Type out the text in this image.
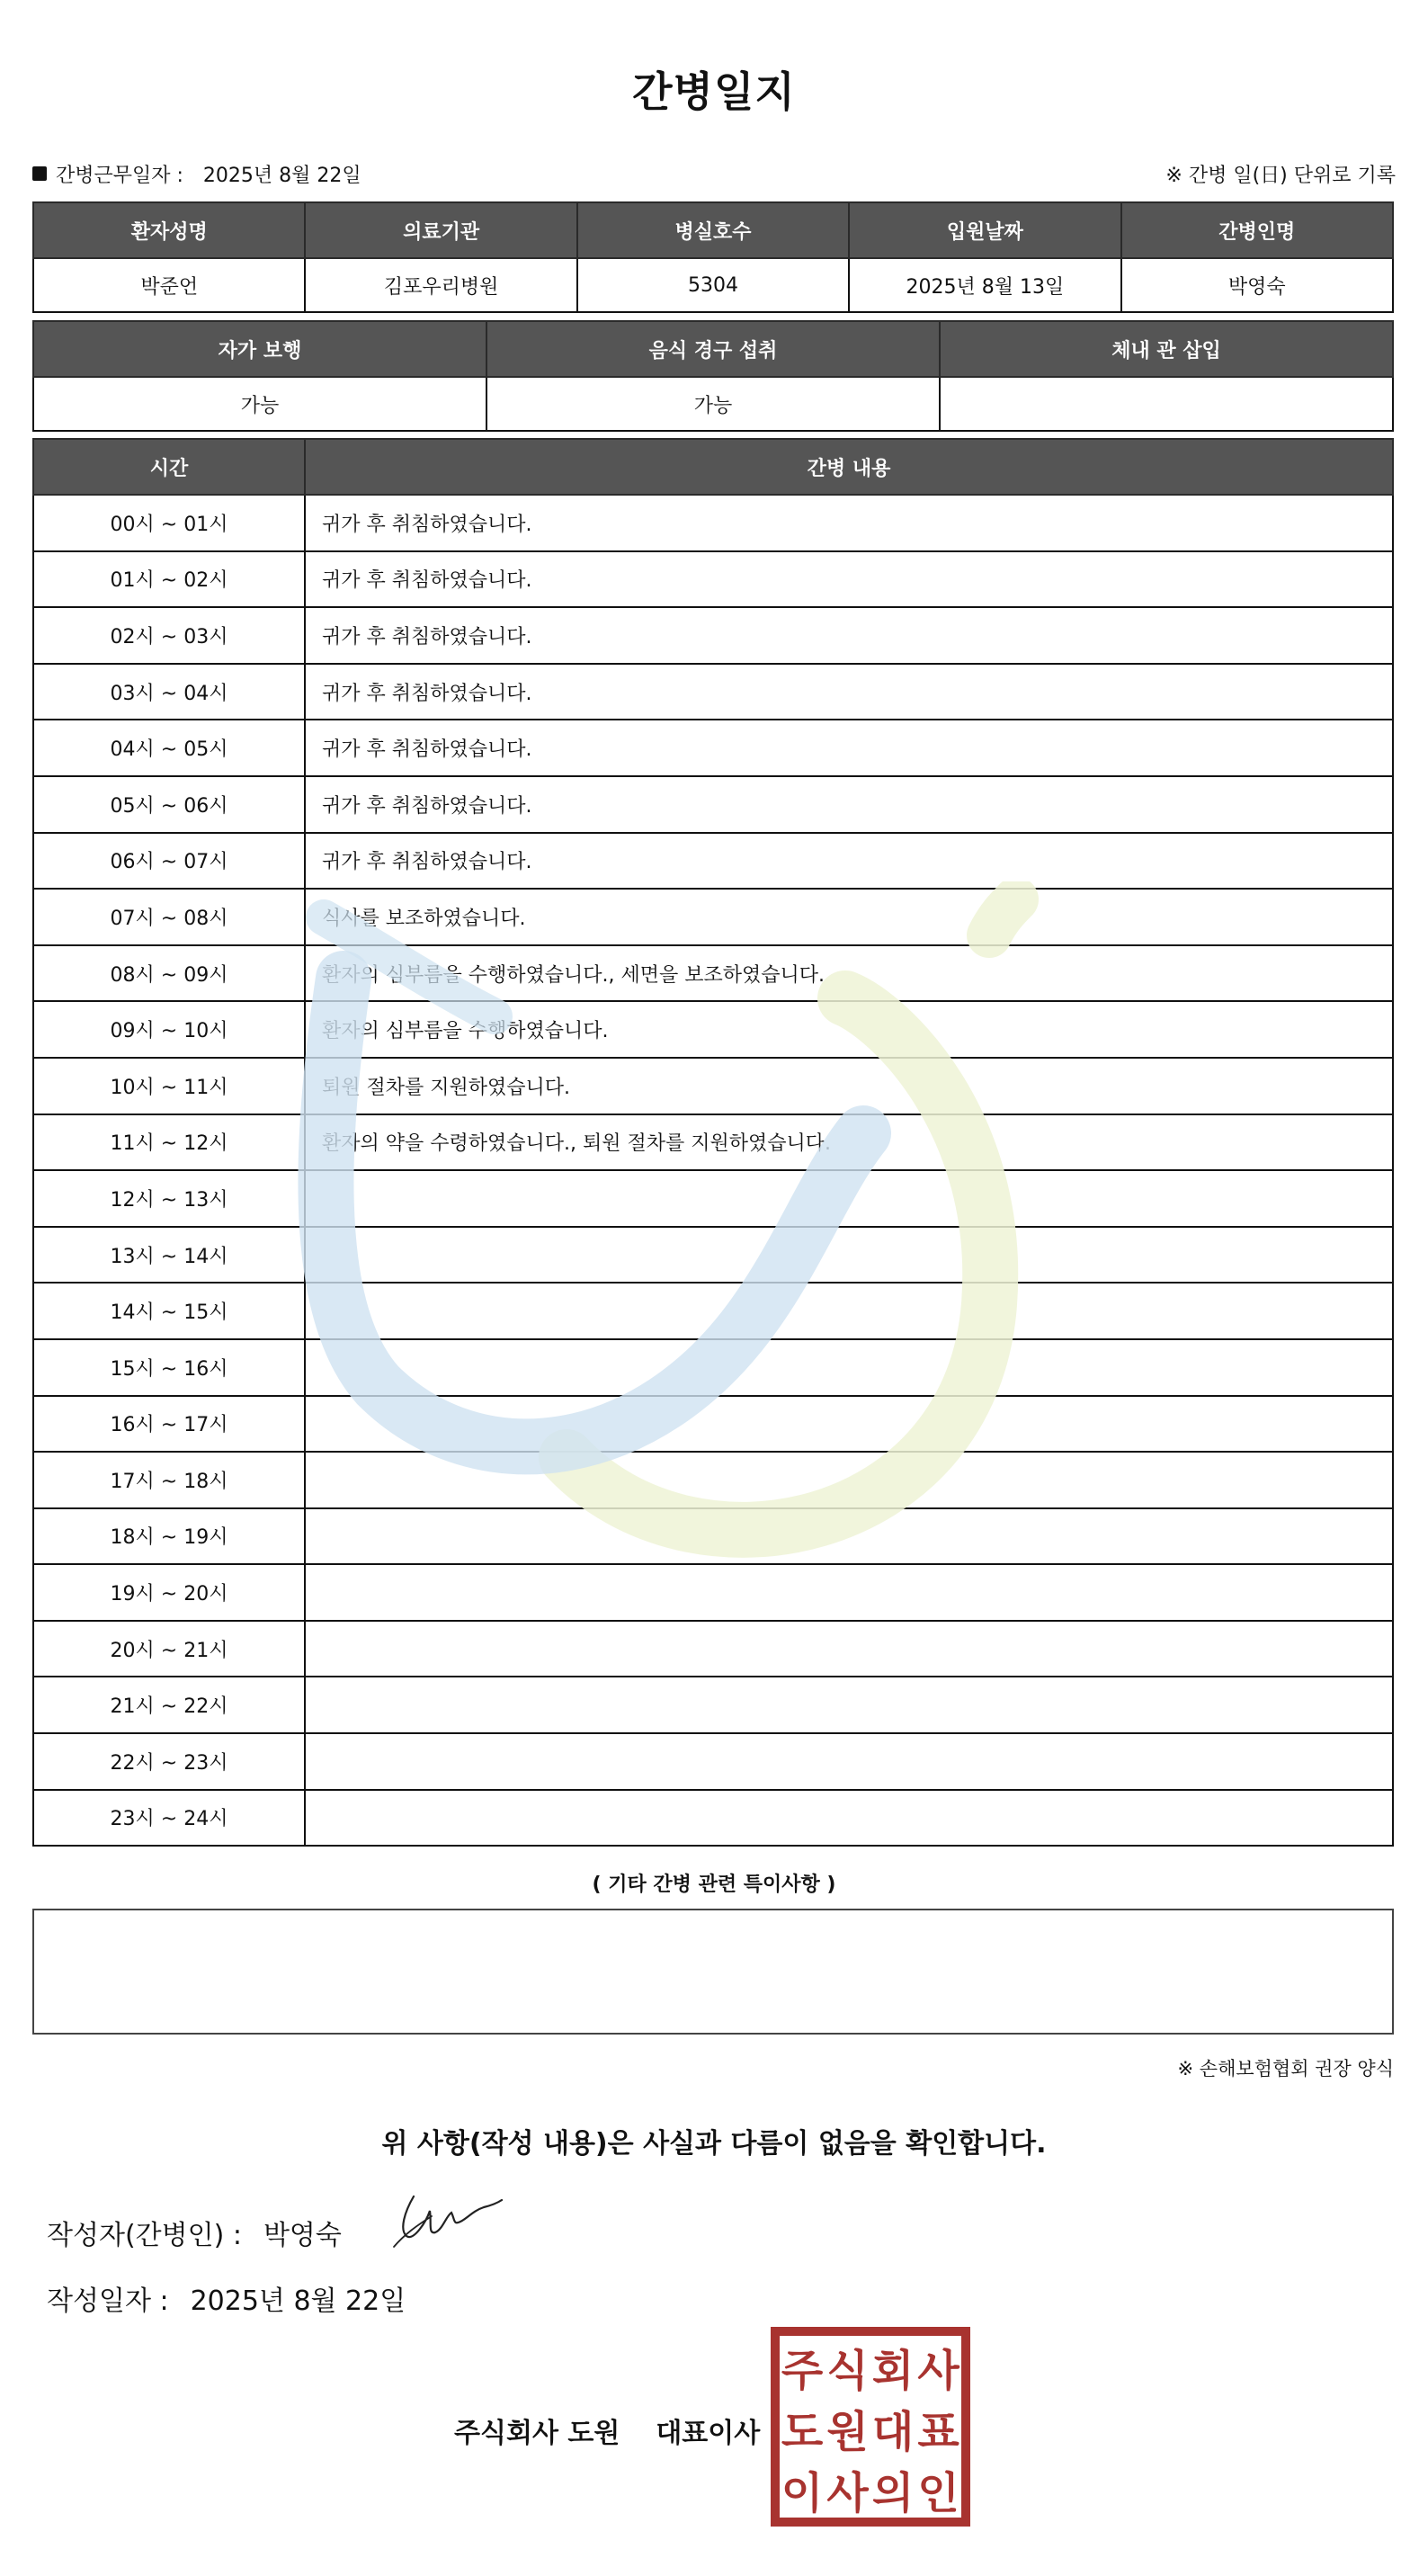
간병일지
간병근무일자 : 2025년 8월 22일	※ 간병 일(日) 단위로 기록
환자성명	의료기관	병실호수	입원날짜	간병인명
박준언	김포우리병원	5304	2025년 8월 13일	박영숙
자가 보행	음식 경구 섭취	체내 관 삽입
가능	가능	
시간	간병 내용
00시 ~ 01시	귀가 후 취침하였습니다.
01시 ~ 02시	귀가 후 취침하였습니다.
02시 ~ 03시	귀가 후 취침하였습니다.
03시 ~ 04시	귀가 후 취침하였습니다.
04시 ~ 05시	귀가 후 취침하였습니다.
05시 ~ 06시	귀가 후 취침하였습니다.
06시 ~ 07시	귀가 후 취침하였습니다.
07시 ~ 08시	식사를 보조하였습니다.
08시 ~ 09시	환자의 심부름을 수행하였습니다., 세면을 보조하였습니다.
09시 ~ 10시	환자의 심부름을 수행하였습니다.
10시 ~ 11시	퇴원 절차를 지원하였습니다.
11시 ~ 12시	환자의 약을 수령하였습니다., 퇴원 절차를 지원하였습니다.
12시 ~ 13시	
13시 ~ 14시	
14시 ~ 15시	
15시 ~ 16시	
16시 ~ 17시	
17시 ~ 18시	
18시 ~ 19시	
19시 ~ 20시	
20시 ~ 21시	
21시 ~ 22시	
22시 ~ 23시	
23시 ~ 24시	
( 기타 간병 관련 특이사항 )
※ 손해보험협회 권장 양식
위 사항(작성 내용)은 사실과 다름이 없음을 확인합니다.
작성자(간병인) : 박영숙
작성일자 : 2025년 8월 22일
주식회사 도원 대표이사
주 식 회 사
도 원 대 표
이 사 의 인
